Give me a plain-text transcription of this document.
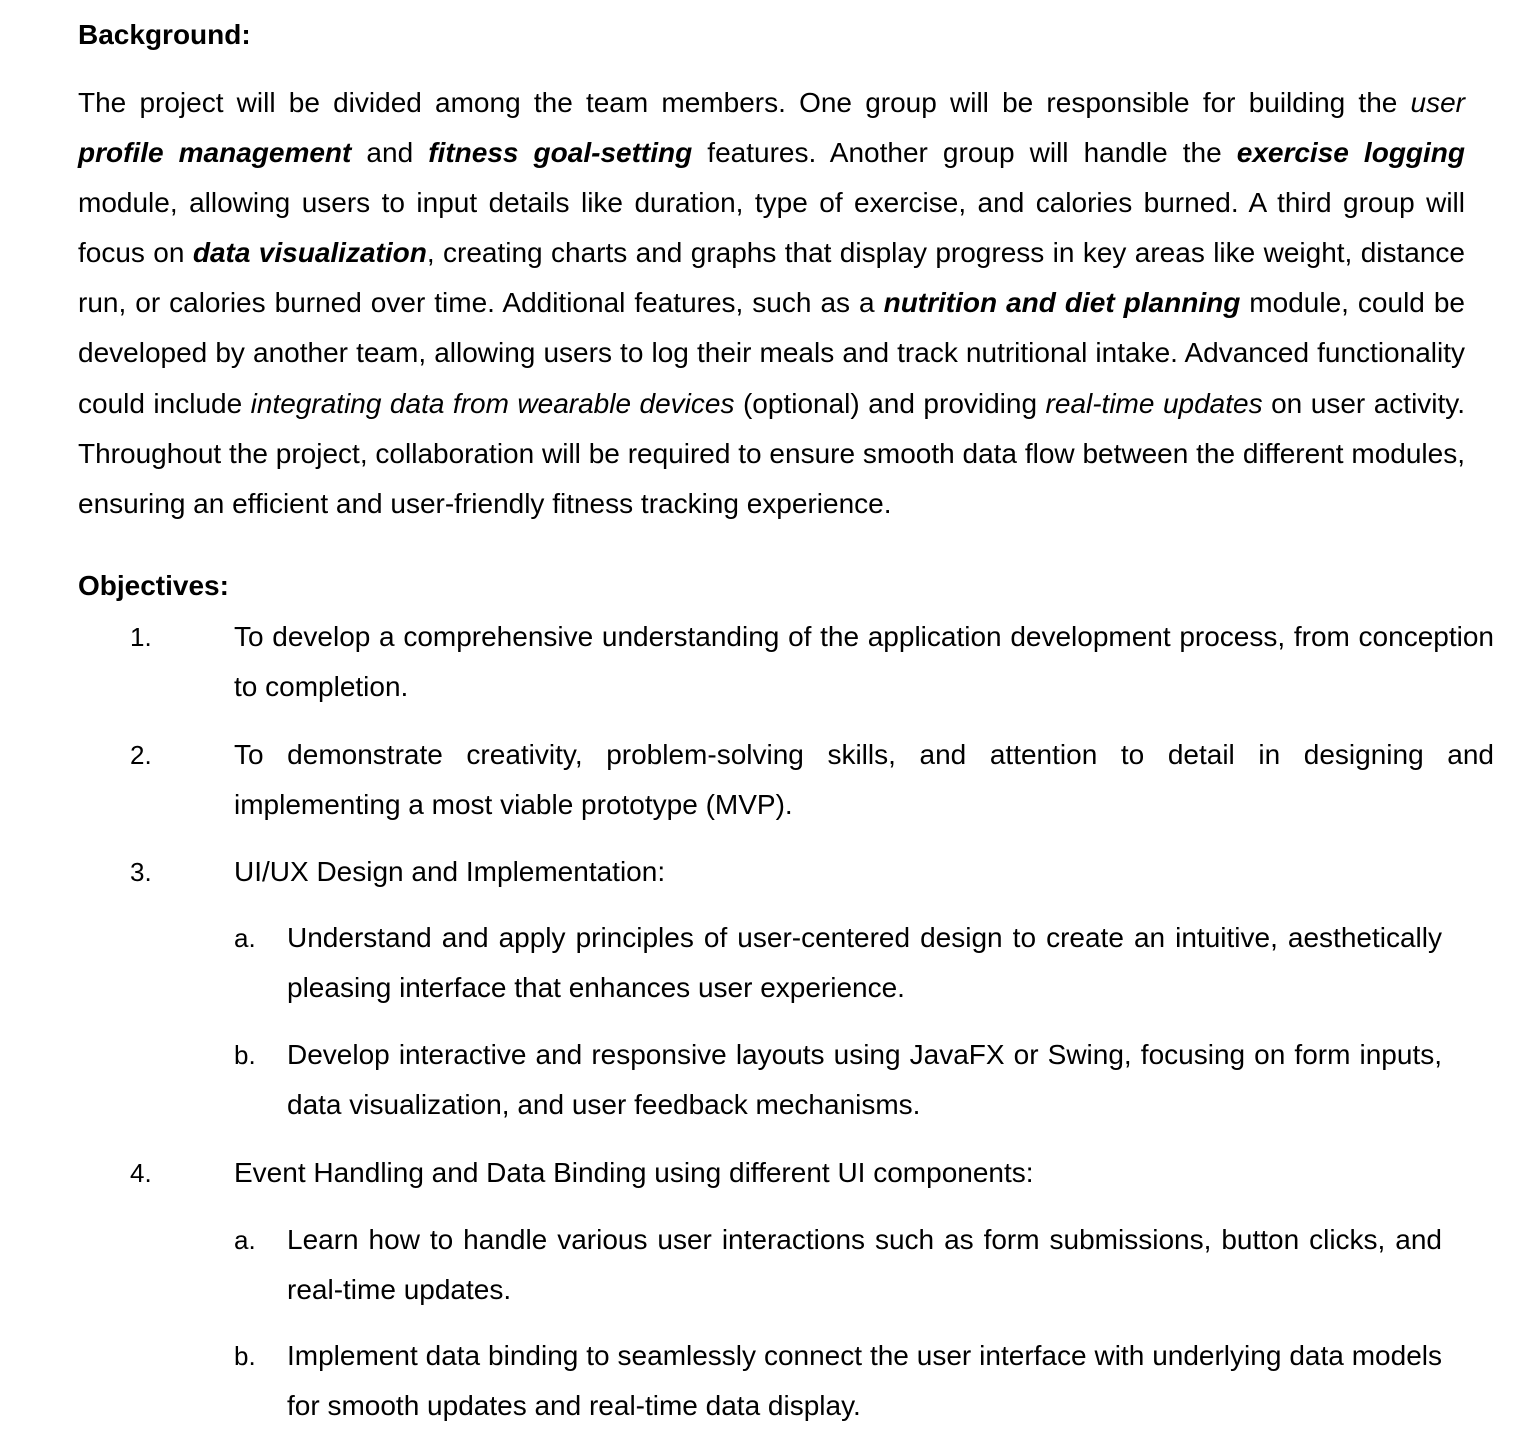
Background:

The project will be divided among the team members. One group will be responsible for building the user profile management and fitness goal-setting features. Another group will handle the exercise logging module, allowing users to input details like duration, type of exercise, and calories burned. A third group will focus on data visualization, creating charts and graphs that display progress in key areas like weight, distance run, or calories burned over time. Additional features, such as a nutrition and diet planning module, could be developed by another team, allowing users to log their meals and track nutritional intake. Advanced functionality could include integrating data from wearable devices (optional) and providing real-time updates on user activity. Throughout the project, collaboration will be required to ensure smooth data flow between the different modules, ensuring an efficient and user-friendly fitness tracking experience.

Objectives:
1.	To develop a comprehensive understanding of the application development process, from conception to completion.
2.	To demonstrate creativity, problem-solving skills, and attention to detail in designing and implementing a most viable prototype (MVP).
3.	UI/UX Design and Implementation:
a. Understand and apply principles of user-centered design to create an intuitive, aesthetically pleasing interface that enhances user experience.
b. Develop interactive and responsive layouts using JavaFX or Swing, focusing on form inputs, data visualization, and user feedback mechanisms.
4.	Event Handling and Data Binding using different UI components:
a. Learn how to handle various user interactions such as form submissions, button clicks, and real-time updates.
b. Implement data binding to seamlessly connect the user interface with underlying data models for smooth updates and real-time data display.
